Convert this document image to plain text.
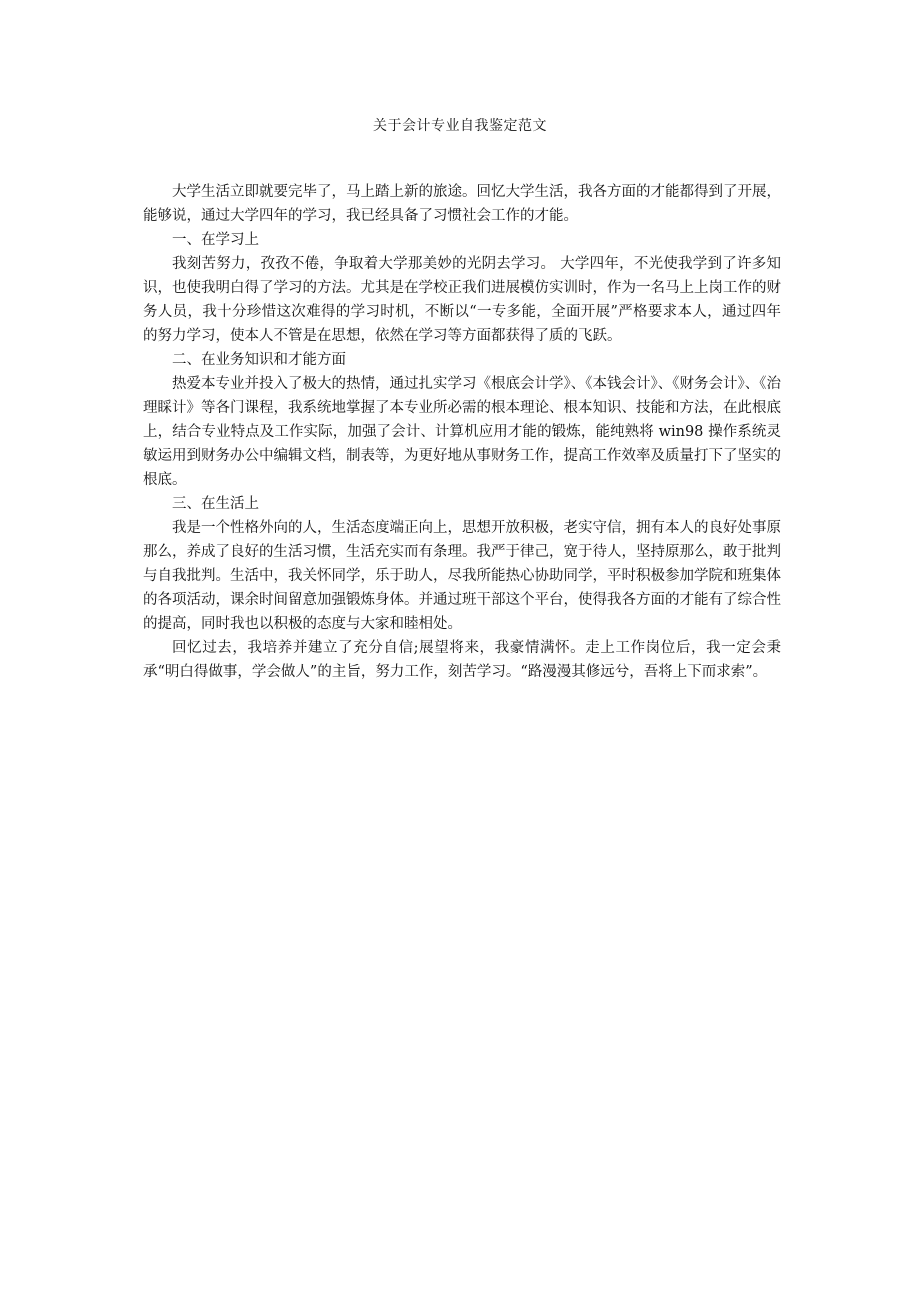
关于会计专业自我鉴定范文

大学生活立即就要完毕了，马上踏上新的旅途。回忆大学生活，我各方面的才能都得到了开展，能够说，通过大学四年的学习，我已经具备了习惯社会工作的才能。

一、在学习上

我刻苦努力，孜孜不倦，争取着大学那美妙的光阴去学习。 大学四年，不光使我学到了许多知识，也使我明白得了学习的方法。尤其是在学校正我们进展模仿实训时，作为一名马上上岗工作的财务人员，我十分珍惜这次难得的学习时机，不断以“一专多能，全面开展”严格要求本人，通过四年的努力学习，使本人不管是在思想，依然在学习等方面都获得了质的飞跃。

二、在业务知识和才能方面

热爱本专业并投入了极大的热情，通过扎实学习《根底会计学》、《本钱会计》、《财务会计》、《治理睬计》等各门课程，我系统地掌握了本专业所必需的根本理论、根本知识、技能和方法，在此根底上，结合专业特点及工作实际，加强了会计、计算机应用才能的锻炼，能纯熟将 win98 操作系统灵敏运用到财务办公中编辑文档，制表等，为更好地从事财务工作，提高工作效率及质量打下了坚实的根底。

三、在生活上

我是一个性格外向的人，生活态度端正向上，思想开放积极，老实守信，拥有本人的良好处事原那么，养成了良好的生活习惯，生活充实而有条理。我严于律己，宽于待人，坚持原那么，敢于批判与自我批判。生活中，我关怀同学，乐于助人，尽我所能热心协助同学，平时积极参加学院和班集体的各项活动，课余时间留意加强锻炼身体。并通过班干部这个平台，使得我各方面的才能有了综合性的提高，同时我也以积极的态度与大家和睦相处。

回忆过去，我培养并建立了充分自信;展望将来，我豪情满怀。走上工作岗位后，我一定会秉承“明白得做事，学会做人”的主旨，努力工作，刻苦学习。“路漫漫其修远兮，吾将上下而求索”。
